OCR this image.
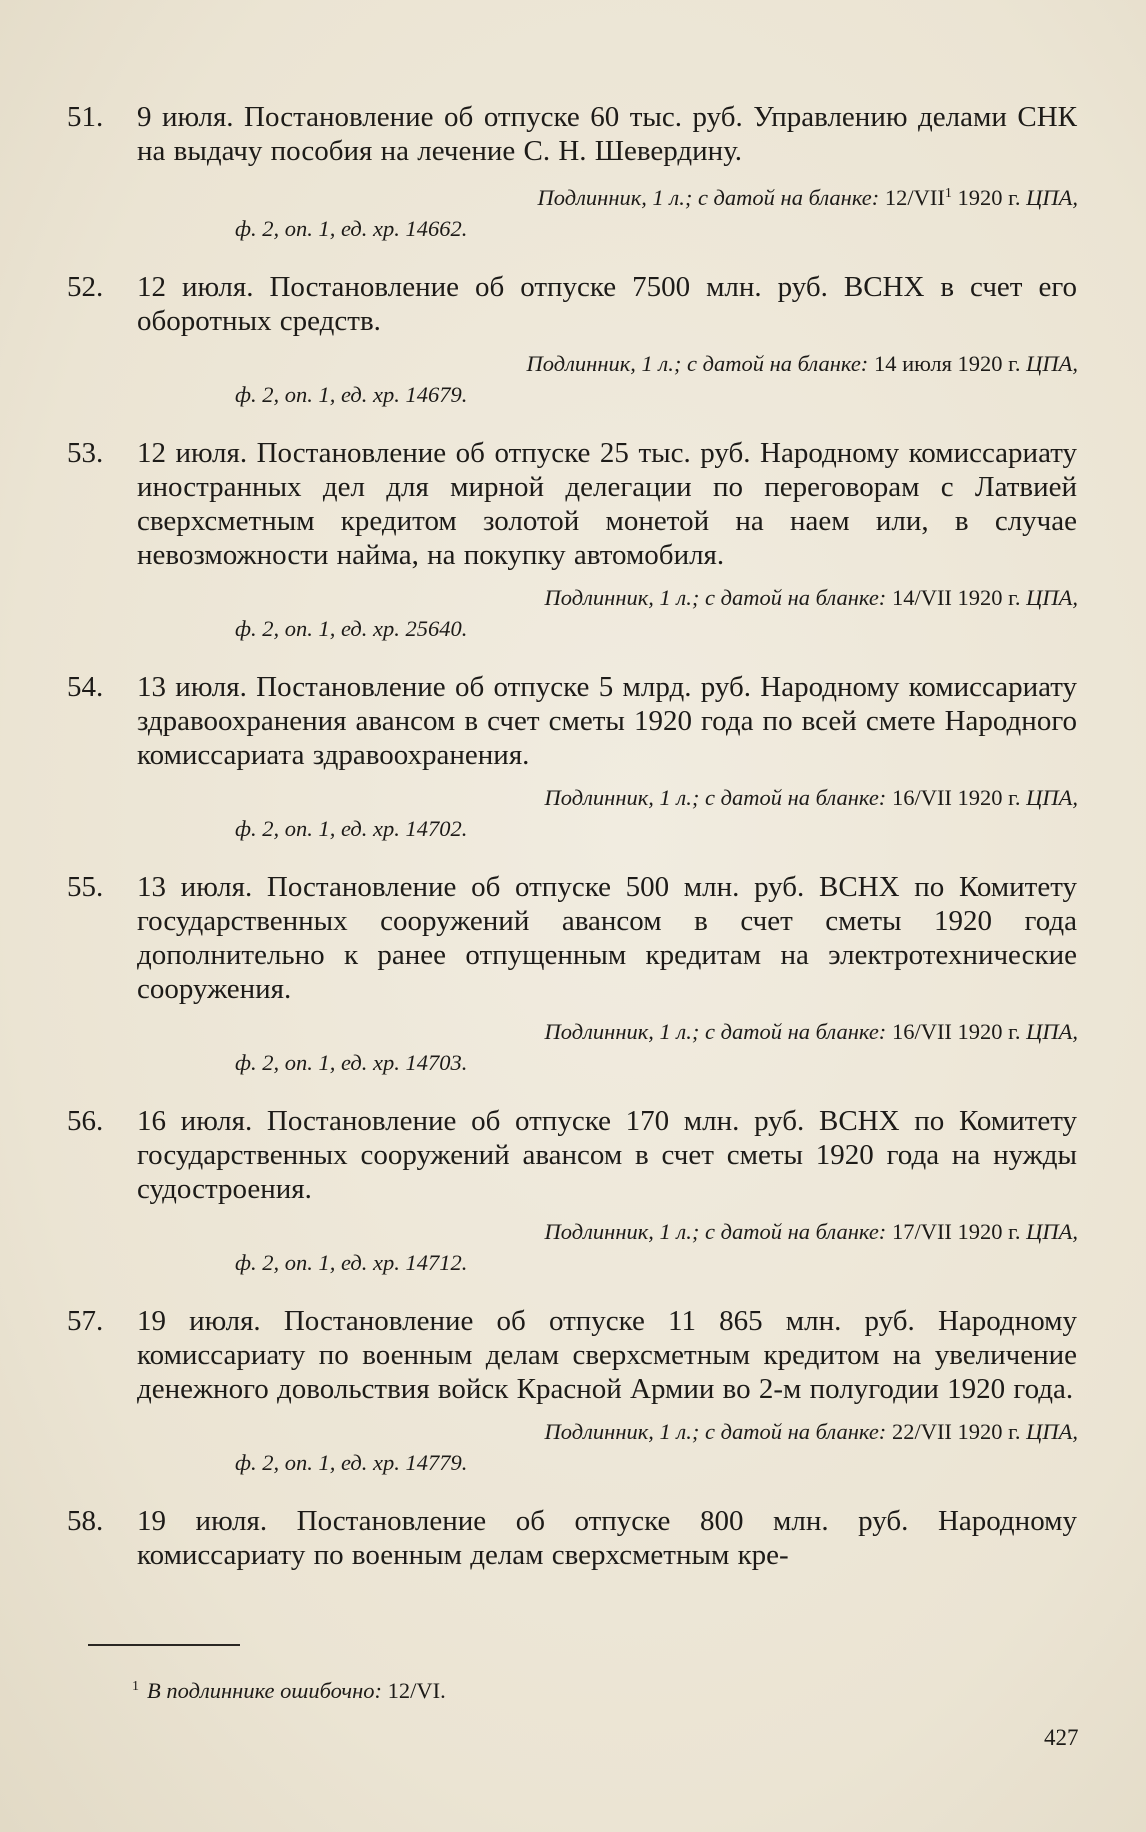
51.	9 июля. Постановление об отпуске 60 тыс. руб. Управлению делами СНК на выдачу пособия на лечение С. Н. Шевердину.
Подлинник, 1 л.; с датой на бланке: 12/VII$^1$ 1920 г. ЦПА,
ф. 2, оп. 1, ед. хр. 14662.
52.	12 июля. Постановление об отпуске 7500 млн. руб. ВСНХ в счет его оборотных средств.
Подлинник, 1 л.; с датой на бланке: 14 июля 1920 г. ЦПА,
ф. 2, оп. 1, ед. хр. 14679.
53.	12 июля. Постановление об отпуске 25 тыс. руб. Народному комиссариату иностранных дел для мирной делегации по переговорам с Латвией сверхсметным кредитом золотой монетой на наем или, в случае невозможности найма, на покупку автомобиля.
Подлинник, 1 л.; с датой на бланке: 14/VII 1920 г. ЦПА,
ф. 2, оп. 1, ед. хр. 25640.
54.	13 июля. Постановление об отпуске 5 млрд. руб. Народному комиссариату здравоохранения авансом в счет сметы 1920 года по всей смете Народного комиссариата здравоохранения.
Подлинник, 1 л.; с датой на бланке: 16/VII 1920 г. ЦПА,
ф. 2, оп. 1, ед. хр. 14702.
55.	13 июля. Постановление об отпуске 500 млн. руб. ВСНХ по Комитету государственных сооружений авансом в счет сметы 1920 года дополнительно к ранее отпущенным кредитам на электротехнические сооружения.
Подлинник, 1 л.; с датой на бланке: 16/VII 1920 г. ЦПА,
ф. 2, оп. 1, ед. хр. 14703.
56.	16 июля. Постановление об отпуске 170 млн. руб. ВСНХ по Комитету государственных сооружений авансом в счет сметы 1920 года на нужды судостроения.
Подлинник, 1 л.; с датой на бланке: 17/VII 1920 г. ЦПА,
ф. 2, оп. 1, ед. хр. 14712.
57.	19 июля. Постановление об отпуске 11 865 млн. руб. Народному комиссариату по военным делам сверхсметным кредитом на увеличение денежного довольствия войск Красной Армии во 2-м полугодии 1920 года.
Подлинник, 1 л.; с датой на бланке: 22/VII 1920 г. ЦПА,
ф. 2, оп. 1, ед. хр. 14779.
58.	19 июля. Постановление об отпуске 800 млн. руб. Народному комиссариату по военным делам сверхсметным кре-
$^1$ В подлиннике ошибочно: 12/VI.
427
